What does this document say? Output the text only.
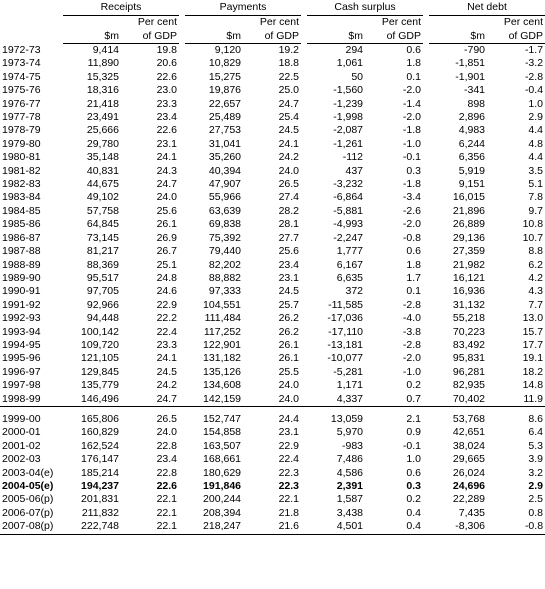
	Receipts			Payments			Cash surplus			Net debt	
		Per cent			Per cent			Per cent			Per cent
	$m	of GDP		$m	of GDP		$m	of GDP		$m	of GDP
1972-73	9,414	19.8		9,120	19.2		294	0.6		-790	-1.7
1973-74	11,890	20.6		10,829	18.8		1,061	1.8		-1,851	-3.2
1974-75	15,325	22.6		15,275	22.5		50	0.1		-1,901	-2.8
1975-76	18,316	23.0		19,876	25.0		-1,560	-2.0		-341	-0.4
1976-77	21,418	23.3		22,657	24.7		-1,239	-1.4		898	1.0
1977-78	23,491	23.4		25,489	25.4		-1,998	-2.0		2,896	2.9
1978-79	25,666	22.6		27,753	24.5		-2,087	-1.8		4,983	4.4
1979-80	29,780	23.1		31,041	24.1		-1,261	-1.0		6,244	4.8
1980-81	35,148	24.1		35,260	24.2		-112	-0.1		6,356	4.4
1981-82	40,831	24.3		40,394	24.0		437	0.3		5,919	3.5
1982-83	44,675	24.7		47,907	26.5		-3,232	-1.8		9,151	5.1
1983-84	49,102	24.0		55,966	27.4		-6,864	-3.4		16,015	7.8
1984-85	57,758	25.6		63,639	28.2		-5,881	-2.6		21,896	9.7
1985-86	64,845	26.1		69,838	28.1		-4,993	-2.0		26,889	10.8
1986-87	73,145	26.9		75,392	27.7		-2,247	-0.8		29,136	10.7
1987-88	81,217	26.7		79,440	25.6		1,777	0.6		27,359	8.8
1988-89	88,369	25.1		82,202	23.4		6,167	1.8		21,982	6.2
1989-90	95,517	24.8		88,882	23.1		6,635	1.7		16,121	4.2
1990-91	97,705	24.6		97,333	24.5		372	0.1		16,936	4.3
1991-92	92,966	22.9		104,551	25.7		-11,585	-2.8		31,132	7.7
1992-93	94,448	22.2		111,484	26.2		-17,036	-4.0		55,218	13.0
1993-94	100,142	22.4		117,252	26.2		-17,110	-3.8		70,223	15.7
1994-95	109,720	23.3		122,901	26.1		-13,181	-2.8		83,492	17.7
1995-96	121,105	24.1		131,182	26.1		-10,077	-2.0		95,831	19.1
1996-97	129,845	24.5		135,126	25.5		-5,281	-1.0		96,281	18.2
1997-98	135,779	24.2		134,608	24.0		1,171	0.2		82,935	14.8
1998-99	146,496	24.7		142,159	24.0		4,337	0.7		70,402	11.9

1999-00	165,806	26.5		152,747	24.4		13,059	2.1		53,768	8.6
2000-01	160,829	24.0		154,858	23.1		5,970	0.9		42,651	6.4
2001-02	162,524	22.8		163,507	22.9		-983	-0.1		38,024	5.3
2002-03	176,147	23.4		168,661	22.4		7,486	1.0		29,665	3.9
2003-04(e)	185,214	22.8		180,629	22.3		4,586	0.6		26,024	3.2
2004-05(e)	194,237	22.6		191,846	22.3		2,391	0.3		24,696	2.9
2005-06(p)	201,831	22.1		200,244	22.1		1,587	0.2		22,289	2.5
2006-07(p)	211,832	22.1		208,394	21.8		3,438	0.4		7,435	0.8
2007-08(p)	222,748	22.1		218,247	21.6		4,501	0.4		-8,306	-0.8
